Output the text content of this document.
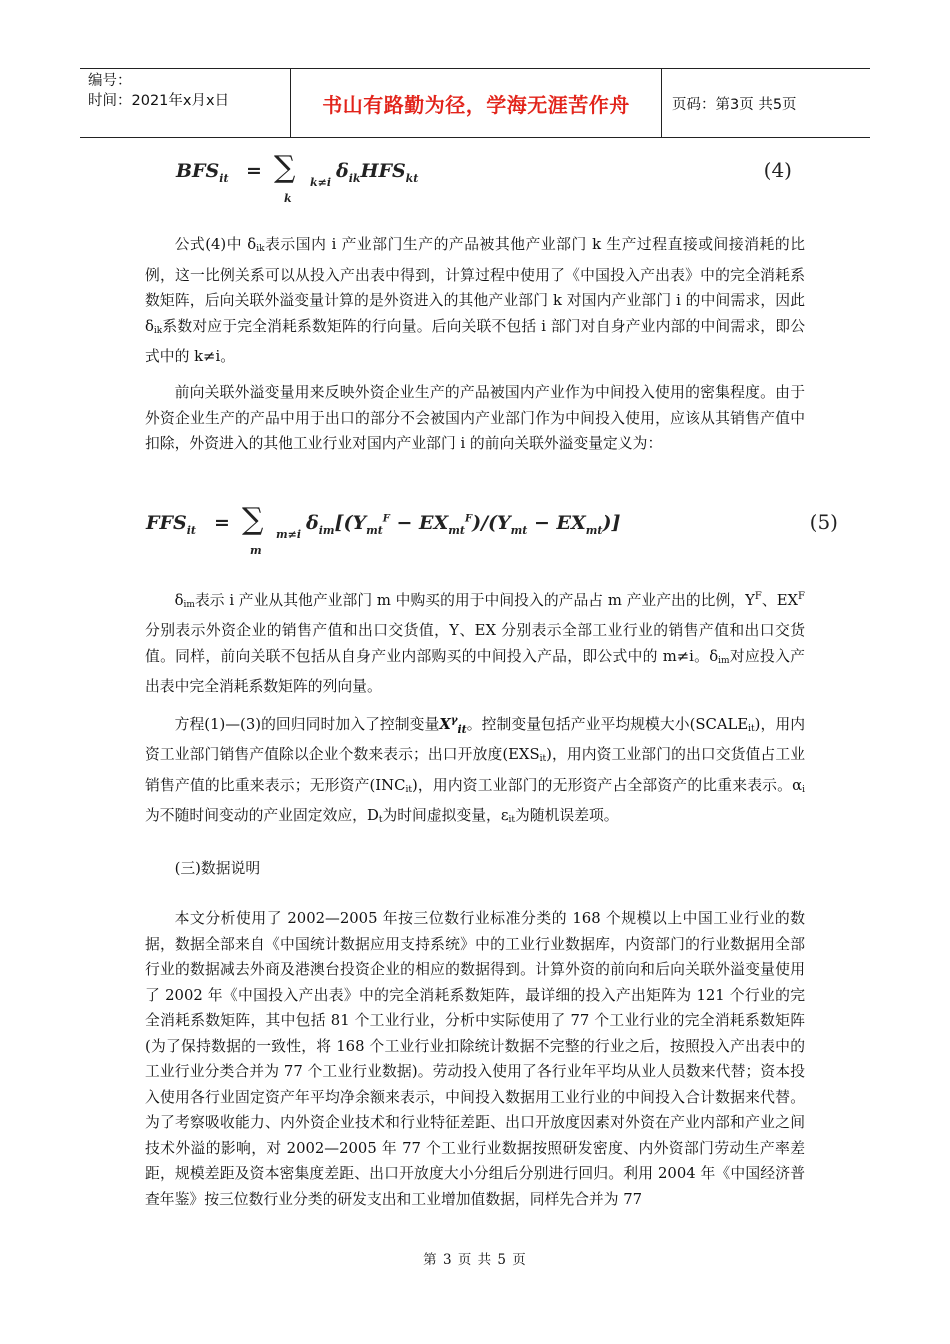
编号：
时间：2021年x月x日	书山有路勤为径，学海无涯苦作舟	页码：第3页 共5页
$BFS_{it}$ = ∑
k
k≠i
$\delta_{ik}HFS_{kt}$	(4)
公式(4)中 δik表示国内 i 产业部门生产的产品被其他产业部门 k 生产过程直接或间接消耗的比例，这一比例关系可以从投入产出表中得到，计算过程中使用了《中国投入产出表》中的完全消耗系数矩阵，后向关联外溢变量计算的是外资进入的其他产业部门 k 对国内产业部门 i 的中间需求，因此 δik系数对应于完全消耗系数矩阵的行向量。后向关联不包括 i 部门对自身产业内部的中间需求，即公式中的 k≠i。
前向关联外溢变量用来反映外资企业生产的产品被国内产业作为中间投入使用的密集程度。由于外资企业生产的产品中用于出口的部分不会被国内产业部门作为中间投入使用，应该从其销售产值中扣除，外资进入的其他工业行业对国内产业部门 i 的前向关联外溢变量定义为：
$FFS_{it}$ = ∑
m
m≠i
$\delta_{im}[(Y_{mt}^F - EX_{mt}^F)/(Y_{mt} - EX_{mt})]$	(5)
δim表示 i 产业从其他产业部门 m 中购买的用于中间投入的产品占 m 产业产出的比例，$Y^F$、$EX^F$分别表示外资企业的销售产值和出口交货值，Y、EX 分别表示全部工业行业的销售产值和出口交货值。同样，前向关联不包括从自身产业内部购买的中间投入产品，即公式中的 m≠i。δim对应投入产出表中完全消耗系数矩阵的列向量。
方程(1)—(3)的回归同时加入了控制变量$X^\gamma_{it}$。控制变量包括产业平均规模大小(SCALEit)，用内资工业部门销售产值除以企业个数来表示；出口开放度(EXSit)，用内资工业部门的出口交货值占工业销售产值的比重来表示；无形资产(INCit)，用内资工业部门的无形资产占全部资产的比重来表示。αi为不随时间变动的产业固定效应，Dt为时间虚拟变量，εit为随机误差项。
(三)数据说明
本文分析使用了 2002—2005 年按三位数行业标准分类的 168 个规模以上中国工业行业的数据，数据全部来自《中国统计数据应用支持系统》中的工业行业数据库，内资部门的行业数据用全部行业的数据减去外商及港澳台投资企业的相应的数据得到。计算外资的前向和后向关联外溢变量使用了 2002 年《中国投入产出表》中的完全消耗系数矩阵，最详细的投入产出矩阵为 121 个行业的完全消耗系数矩阵，其中包括 81 个工业行业，分析中实际使用了 77 个工业行业的完全消耗系数矩阵(为了保持数据的一致性，将 168 个工业行业扣除统计数据不完整的行业之后，按照投入产出表中的工业行业分类合并为 77 个工业行业数据)。劳动投入使用了各行业年平均从业人员数来代替；资本投入使用各行业固定资产年平均净余额来表示，中间投入数据用工业行业的中间投入合计数据来代替。为了考察吸收能力、内外资企业技术和行业特征差距、出口开放度因素对外资在产业内部和产业之间技术外溢的影响，对 2002—2005 年 77 个工业行业数据按照研发密度、内外资部门劳动生产率差距，规模差距及资本密集度差距、出口开放度大小分组后分别进行回归。利用 2004 年《中国经济普查年鉴》按三位数行业分类的研发支出和工业增加值数据，同样先合并为 77
第 3 页 共 5 页
